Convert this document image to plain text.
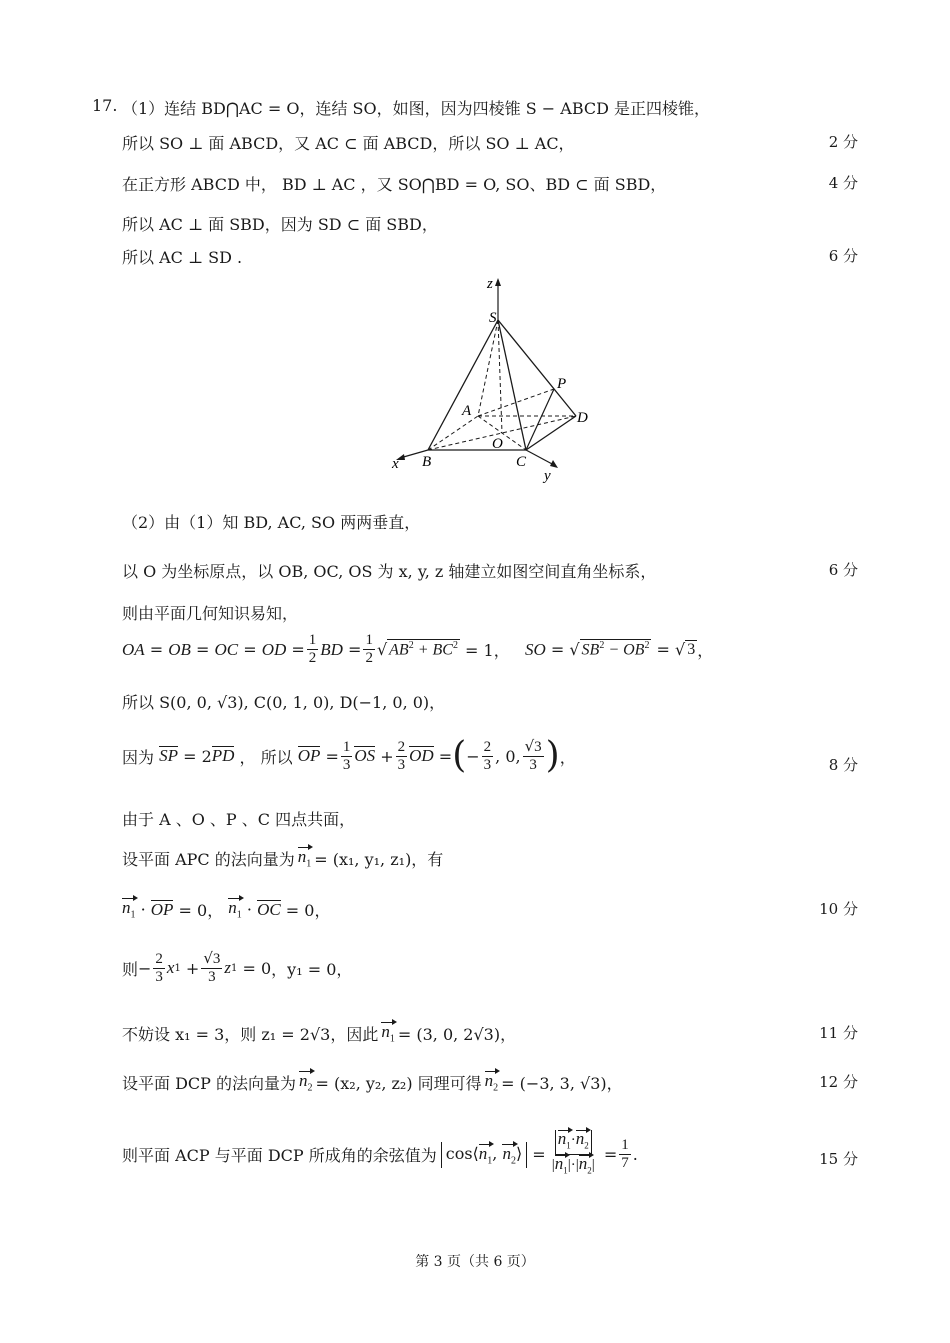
17. （1）连结 BD⋂AC = O，连结 SO，如图，因为四棱锥 S − ABCD 是正四棱锥，
所以 SO ⊥ 面 ABCD，又 AC ⊂ 面 ABCD，所以 SO ⊥ AC，	2 分
在正方形 ABCD 中， BD ⊥ AC ，又 SO⋂BD = O, SO、BD ⊂ 面 SBD，	4 分
所以 AC ⊥ 面 SBD，因为 SD ⊂ 面 SBD，
所以 AC ⊥ SD .	6 分
z
S
P
A	D
O
x B	C
y
（2）由（1）知 BD, AC, SO 两两垂直，
以 O 为坐标原点，以 OB, OC, OS 为 x, y, z 轴建立如图空间直角坐标系，	6 分
则由平面几何知识易知，
OA = OB = OC = OD = $\frac{1}{2}$ BD = $\frac{1}{2}$ √ $AB^2 + BC^2 = 1$， SO = √ $SB^2 - OB^2$ = √ 3 ，
所以 S(0, 0, √3), C(0, 1, 0), D(−1, 0, 0)，
因为 SP = 2 PD ， 所以 OP = $\frac{1}{3}$ OS + $\frac{2}{3}$ OD = ( − $\frac{2}{3}$ , 0, $\frac{√3}{3}$ ) ，	8 分
由于 A 、O 、P 、C 四点共面，
设平面 APC 的法向量为 $n_1 = (x_1$, y₁, z₁)，有
$n_1$ · OP = 0， $n_1$ · OC = 0，	10 分
则 − $\frac{2}{3}$ x $1 + \frac{√3}{3}$ z 1 = 0 ，y₁ = 0，
不妨设 x₁ = 3，则 z₁ = 2√3，因此 $n_1 = (3$, 0, 2√3)，	11 分
设平面 DCP 的法向量为 $n_2 = (x_2$, y₂, z₂) 同理可得 $n_2 = (-3$, 3, √3)，	12 分
则平面 ACP 与平面 DCP 所成角的余弦值为 $\cos⟨n_1$, $n_2⟩ = \frac{n_1\cdot n_2}{|n_1|\cdot|n_2|} = \frac{1}{7}$ .	15 分
第 3 页（共 6 页）
